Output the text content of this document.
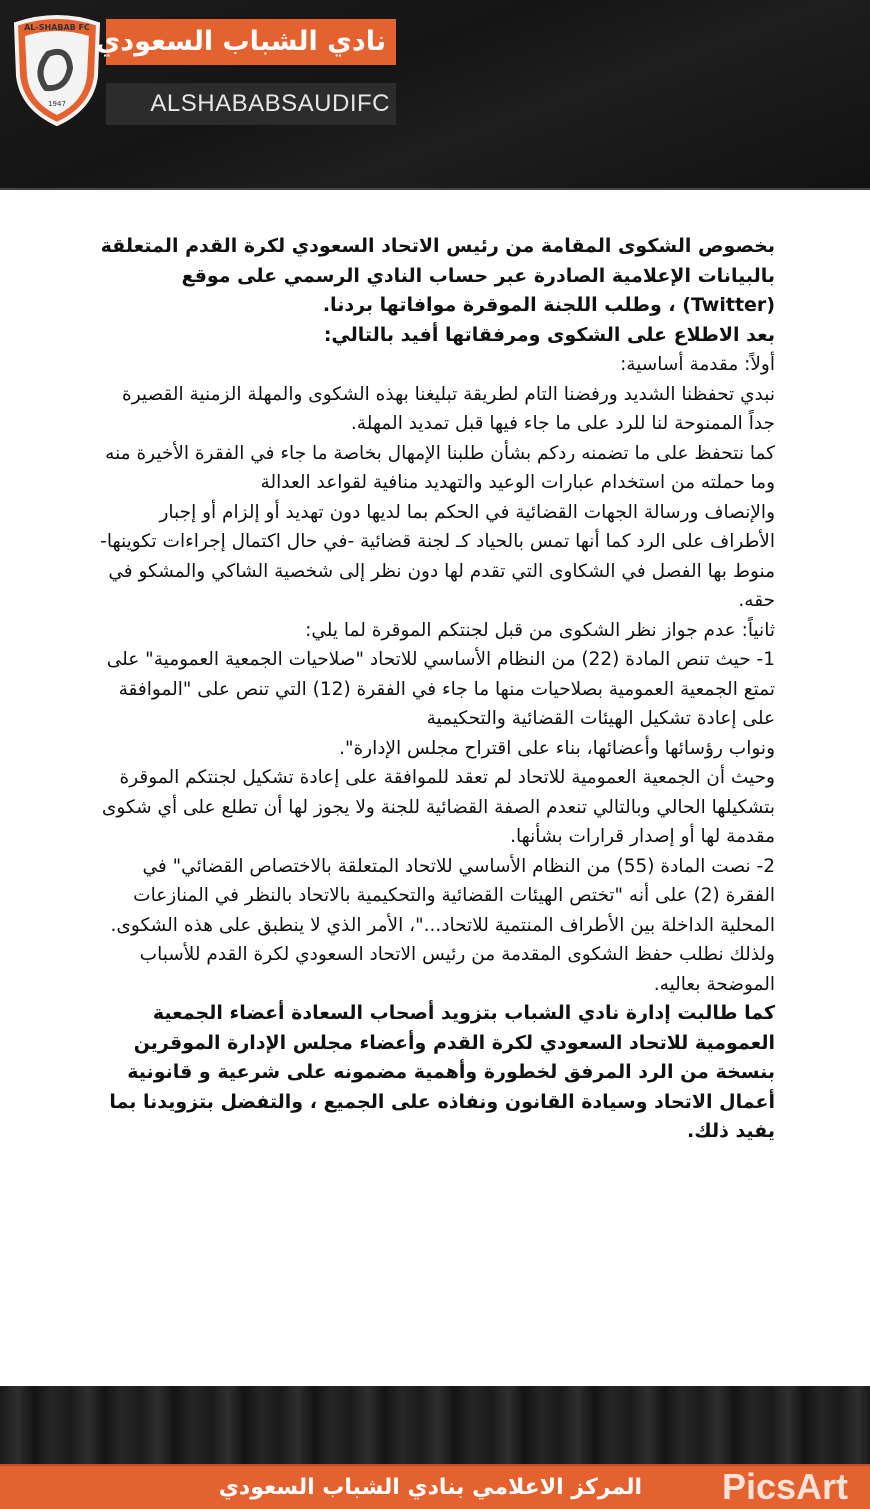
AL-SHABAB FC
1947
نادي الشباب السعودي
ALSHABABSAUDIFC

بخصوص الشكوى المقامة من رئيس الاتحاد السعودي لكرة القدم المتعلقة بالبيانات الإعلامية الصادرة عبر حساب النادي الرسمي على موقع (Twitter) ، وطلب اللجنة الموقرة موافاتها بردنا.

بعد الاطلاع على الشكوى ومرفقاتها أفيد بالتالي:

أولاً: مقدمة أساسية:

نبدي تحفظنا الشديد ورفضنا التام لطريقة تبليغنا بهذه الشكوى والمهلة الزمنية القصيرة جداً الممنوحة لنا للرد على ما جاء فيها قبل تمديد المهلة.

كما نتحفظ على ما تضمنه ردكم بشأن طلبنا الإمهال بخاصة ما جاء في الفقرة الأخيرة منه وما حملته من استخدام عبارات الوعيد والتهديد منافية لقواعد العدالة

والإنصاف ورسالة الجهات القضائية في الحكم بما لديها دون تهديد أو إلزام أو إجبار الأطراف على الرد كما أنها تمس بالحياد كـ لجنة قضائية -في حال اكتمال إجراءات تكوينها- منوط بها الفصل في الشكاوى التي تقدم لها دون نظر إلى شخصية الشاكي والمشكو في حقه.

ثانياً: عدم جواز نظر الشكوى من قبل لجنتكم الموقرة لما يلي:

1- حيث تنص المادة (22) من النظام الأساسي للاتحاد "صلاحيات الجمعية العمومية" على تمتع الجمعية العمومية بصلاحيات منها ما جاء في الفقرة (12) التي تنص على "الموافقة على إعادة تشكيل الهيئات القضائية والتحكيمية

ونواب رؤسائها وأعضائها، بناء على اقتراح مجلس الإدارة".

وحيث أن الجمعية العمومية للاتحاد لم تعقد للموافقة على إعادة تشكيل لجنتكم الموقرة بتشكيلها الحالي وبالتالي تنعدم الصفة القضائية للجنة ولا يجوز لها أن تطلع على أي شكوى مقدمة لها أو إصدار قرارات بشأنها.

2- نصت المادة (55) من النظام الأساسي للاتحاد المتعلقة بالاختصاص القضائي" في الفقرة (2) على أنه "تختص الهيئات القضائية والتحكيمية بالاتحاد بالنظر في المنازعات المحلية الداخلة بين الأطراف المنتمية للاتحاد..."، الأمر الذي لا ينطبق على هذه الشكوى.

ولذلك نطلب حفظ الشكوى المقدمة من رئيس الاتحاد السعودي لكرة القدم للأسباب الموضحة بعاليه.

كما طالبت إدارة نادي الشباب بتزويد أصحاب السعادة أعضاء الجمعية العمومية للاتحاد السعودي لكرة القدم وأعضاء مجلس الإدارة الموقرين بنسخة من الرد المرفق لخطورة وأهمية مضمونه على شرعية و قانونية أعمال الاتحاد وسيادة القانون ونفاذه على الجميع ، والتفضل بتزويدنا بما يفيد ذلك.

المركز الاعلامي بنادي الشباب السعودي PicsArt
